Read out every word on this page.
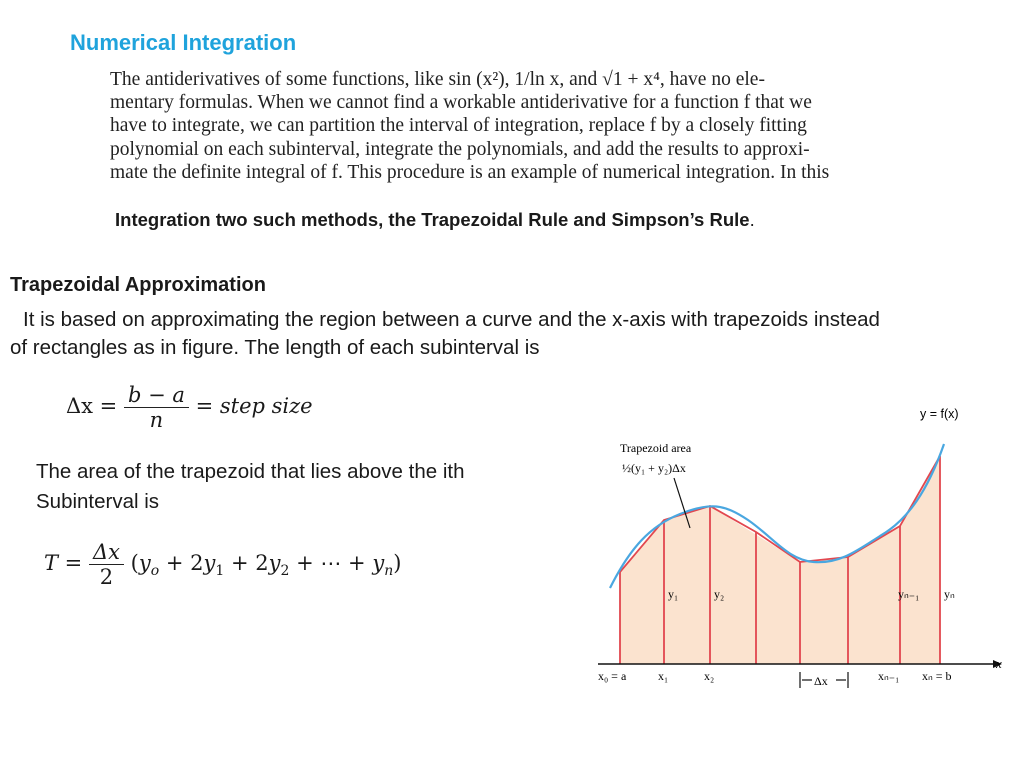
Numerical Integration
The antiderivatives of some functions, like sin (x²), 1/ln x, and √1 + x⁴, have no ele-
mentary formulas. When we cannot find a workable antiderivative for a function f that we
have to integrate, we can partition the interval of integration, replace f by a closely fitting
polynomial on each subinterval, integrate the polynomials, and add the results to approxi-
mate the definite integral of f. This procedure is an example of numerical integration. In this
Integration two such methods, the Trapezoidal Rule and Simpson’s Rule.
Trapezoidal Approximation
It is based on approximating the region between a curve and the x-axis with trapezoids instead
of rectangles as in figure. The length of each subinterval is
$\Delta x = \frac{b - a}{n}$ = step size
The area of the trapezoid that lies above the ith
Subinterval is
$T = \frac{\Delta x}{2} (y_o + 2y_1 + 2y_2$ + ⋯ + $y_n$)
x
y = f(x)
Trapezoid area
½(y₁ + y₂)Δx
y₁	y₂	yₙ₋₁ yₙ
x₀ = a	x₁	x₂	xₙ₋₁ xₙ = b
Δx
